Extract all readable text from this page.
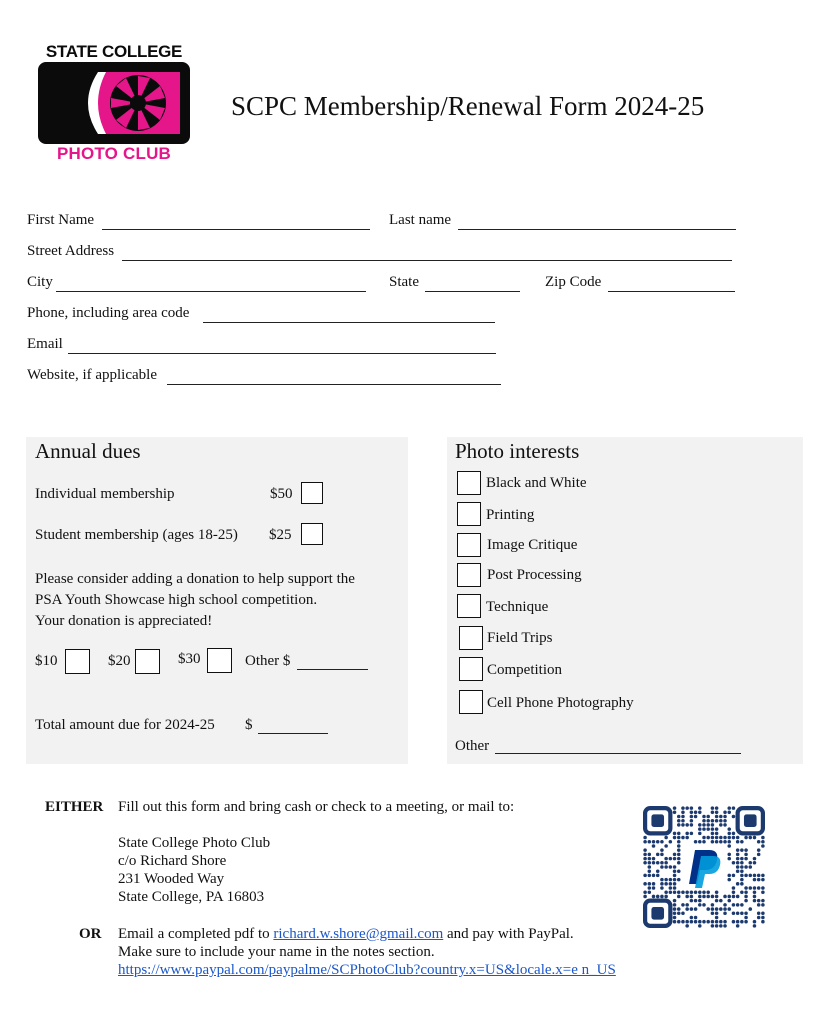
STATE COLLEGE
PHOTO CLUB
SCPC Membership/Renewal Form 2024-25
First Name	Last name
Street Address
City	State	Zip Code
Phone, including area code
Email
Website, if applicable
Annual dues
Individual membership	$50
Student membership (ages 18-25) $25
Please consider adding a donation to help support the
PSA Youth Showcase high school competition.
Your donation is appreciated!
$10	$20	$30	Other $
Total amount due for 2024-25 $
Photo interests
Black and White
Printing
Image Critique
Post Processing
Technique
Field Trips
Competition
Cell Phone Photography
Other
EITHER Fill out this form and bring cash or check to a meeting, or mail to:
State College Photo Club
c/o Richard Shore
231 Wooded Way
State College, PA 16803
OR Email a completed pdf to richard.w.shore@gmail.com and pay with PayPal.
Make sure to include your name in the notes section.
https://www.paypal.com/paypalme/SCPhotoClub?country.x=US&locale.x=e n_US
